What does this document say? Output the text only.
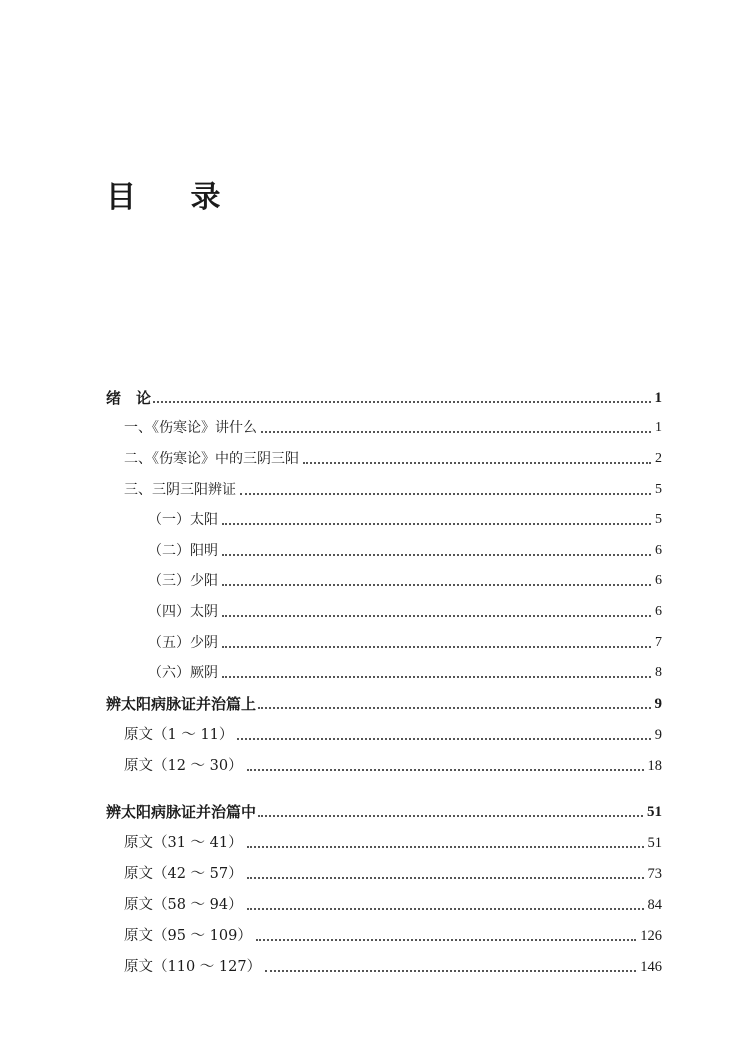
目 录
绪　论	1
一、《伤寒论》讲什么	1
二、《伤寒论》中的三阴三阳	2
三、三阴三阳辨证	5
（一）太阳	5
（二）阳明	6
（三）少阳	6
（四）太阴	6
（五）少阴	7
（六）厥阴	8
辨太阳病脉证并治篇上	9
原文（1 ～ 11）	9
原文（12 ～ 30）	18
辨太阳病脉证并治篇中	51
原文（31 ～ 41）	51
原文（42 ～ 57）	73
原文（58 ～ 94）	84
原文（95 ～ 109）	126
原文（110 ～ 127）	146
